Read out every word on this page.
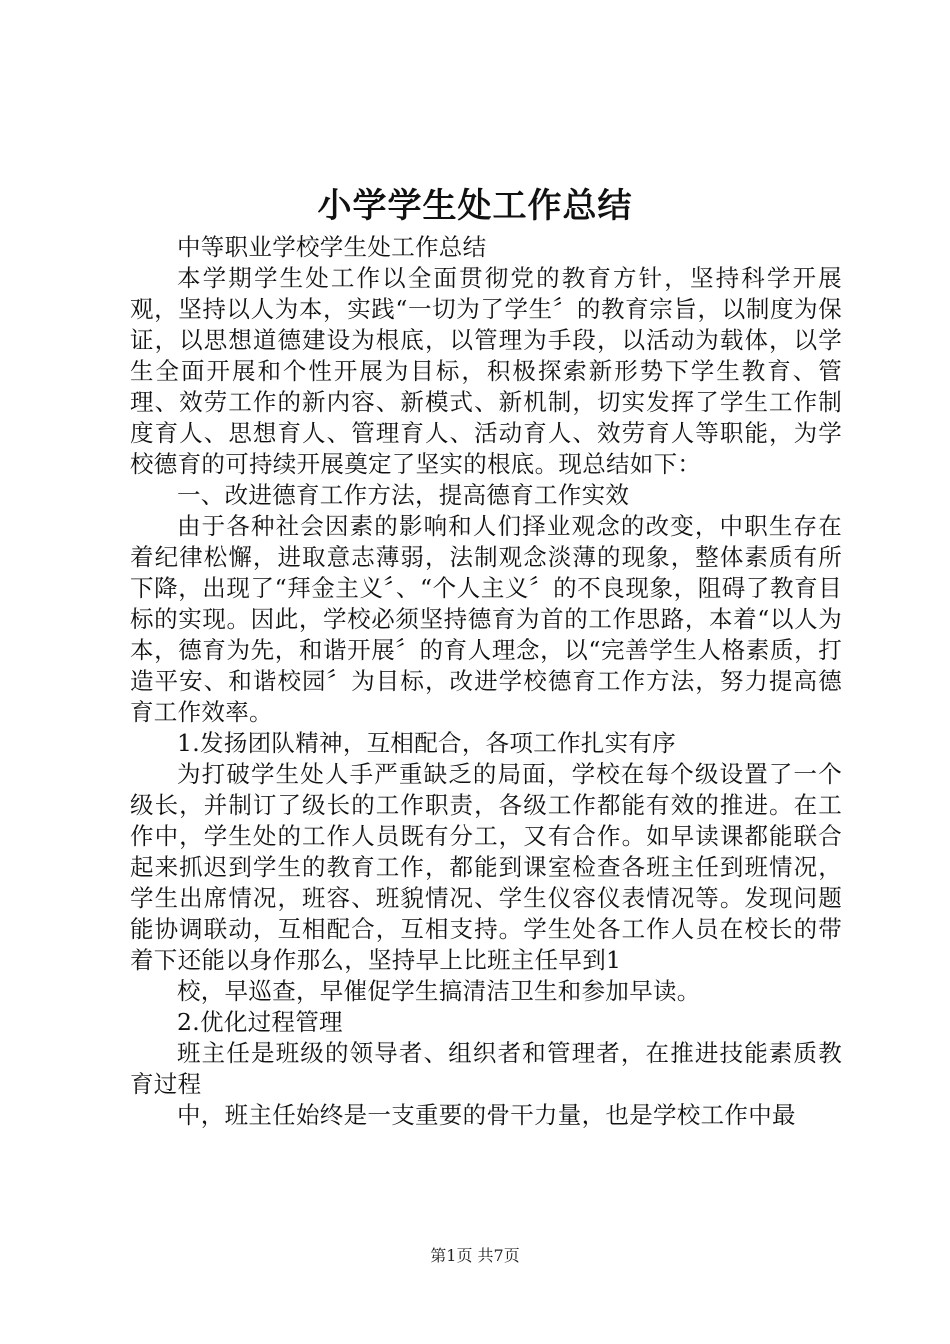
小学学生处工作总结

中等职业学校学生处工作总结

本学期学生处工作以全面贯彻党的教育方针，坚持科学开展观，坚持以人为本，实践“一切为了学生〞的教育宗旨，以制度为保证，以思想道德建设为根底，以管理为手段，以活动为载体，以学生全面开展和个性开展为目标，积极探索新形势下学生教育、管理、效劳工作的新内容、新模式、新机制，切实发挥了学生工作制度育人、思想育人、管理育人、活动育人、效劳育人等职能，为学校德育的可持续开展奠定了坚实的根底。现总结如下：

一、改进德育工作方法，提高德育工作实效

由于各种社会因素的影响和人们择业观念的改变，中职生存在着纪律松懈，进取意志薄弱，法制观念淡薄的现象，整体素质有所下降，出现了“拜金主义〞、“个人主义〞的不良现象，阻碍了教育目标的实现。因此，学校必须坚持德育为首的工作思路，本着“以人为本，德育为先，和谐开展〞的育人理念，以“完善学生人格素质，打造平安、和谐校园〞为目标，改进学校德育工作方法，努力提高德育工作效率。

1.发扬团队精神，互相配合，各项工作扎实有序

为打破学生处人手严重缺乏的局面，学校在每个级设置了一个级长，并制订了级长的工作职责，各级工作都能有效的推进。在工作中，学生处的工作人员既有分工，又有合作。如早读课都能联合起来抓迟到学生的教育工作，都能到课室检查各班主任到班情况，学生出席情况，班容、班貌情况、学生仪容仪表情况等。发现问题能协调联动，互相配合，互相支持。学生处各工作人员在校长的带着下还能以身作那么，坚持早上比班主任早到1

校，早巡查，早催促学生搞清洁卫生和参加早读。

2.优化过程管理

班主任是班级的领导者、组织者和管理者，在推进技能素质教育过程

中，班主任始终是一支重要的骨干力量，也是学校工作中最

第1页 共7页
